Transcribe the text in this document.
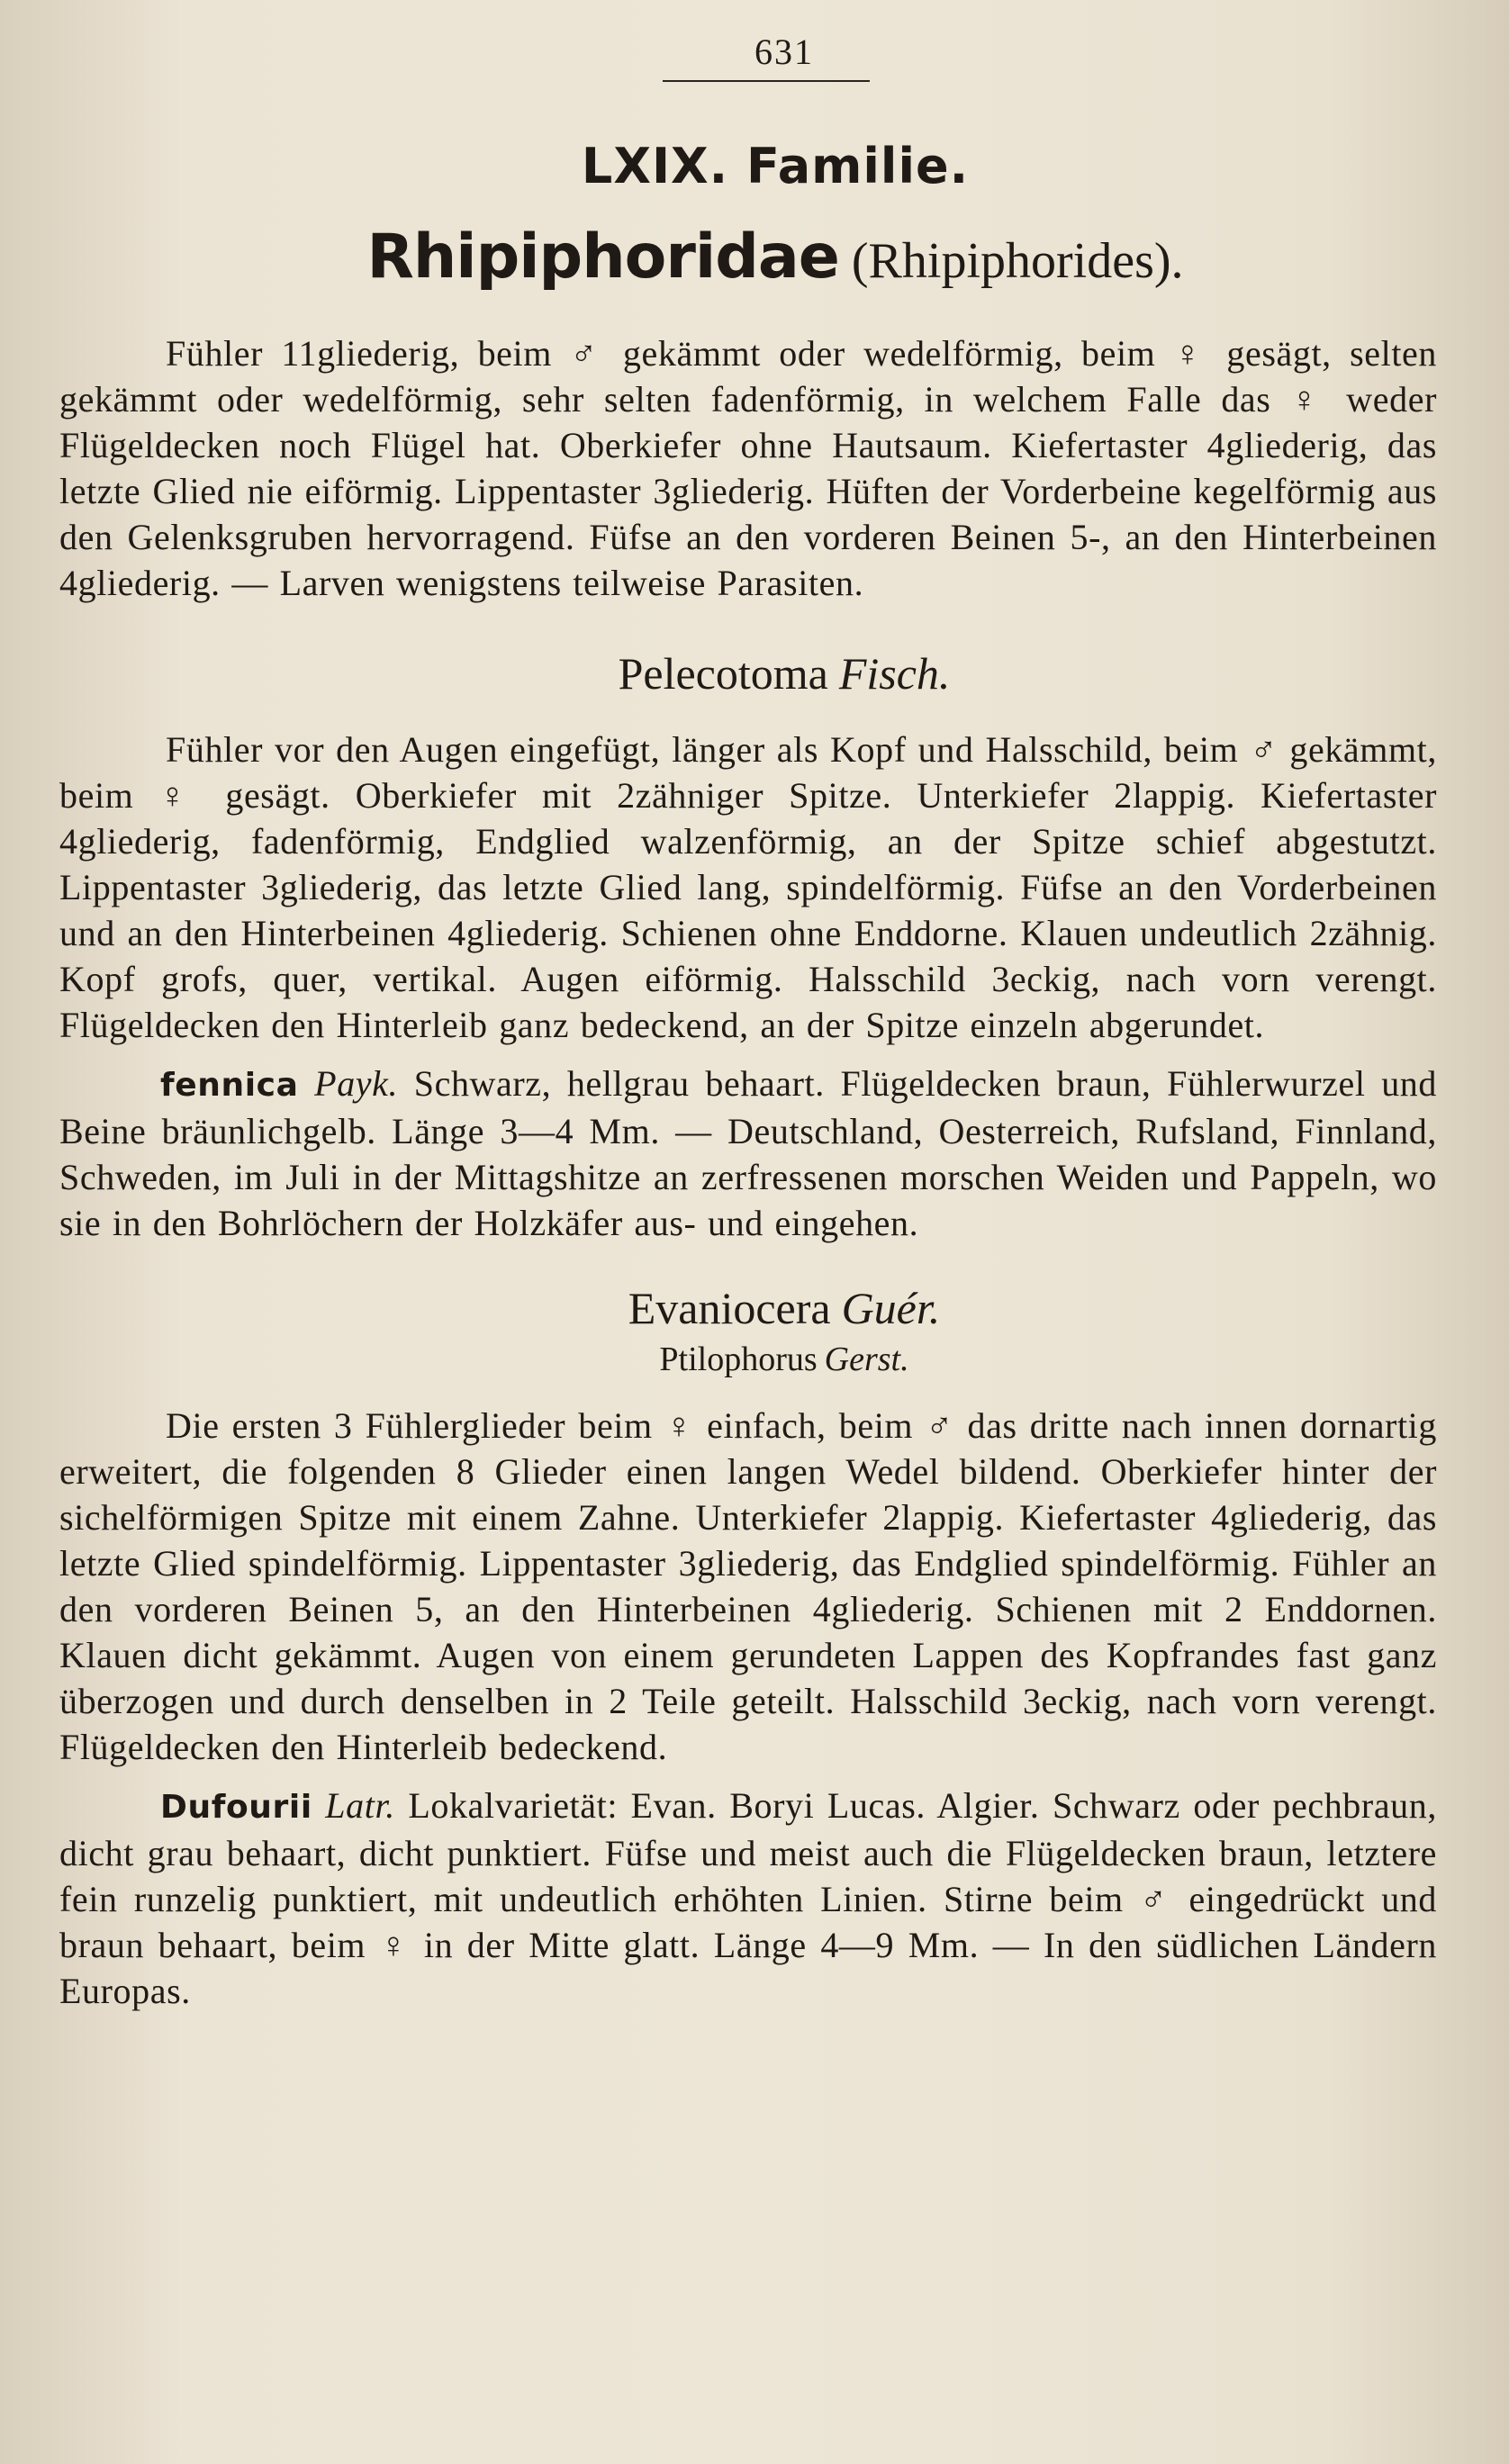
631
LXIX. Familie.
Rhipiphoridae (Rhipiphorides).

Fühler 11gliederig, beim ♂ gekämmt oder wedelförmig, beim ♀ gesägt, selten gekämmt oder wedelförmig, sehr selten fadenförmig, in welchem Falle das ♀ weder Flügeldecken noch Flügel hat. Oberkiefer ohne Hautsaum. Kiefertaster 4gliederig, das letzte Glied nie eiförmig. Lippentaster 3gliederig. Hüften der Vorderbeine kegelförmig aus den Gelenksgruben hervorragend. Füfse an den vorderen Beinen 5-, an den Hinterbeinen 4gliederig. — Larven wenigstens teilweise Parasiten.

Pelecotoma Fisch.

Fühler vor den Augen eingefügt, länger als Kopf und Halsschild, beim ♂ gekämmt, beim ♀ gesägt. Oberkiefer mit 2zähniger Spitze. Unterkiefer 2lappig. Kiefertaster 4gliederig, fadenförmig, Endglied walzenförmig, an der Spitze schief abgestutzt. Lippentaster 3gliederig, das letzte Glied lang, spindelförmig. Füfse an den Vorderbeinen und an den Hinterbeinen 4gliederig. Schienen ohne Enddorne. Klauen undeutlich 2zähnig. Kopf grofs, quer, vertikal. Augen eiförmig. Halsschild 3eckig, nach vorn verengt. Flügeldecken den Hinterleib ganz bedeckend, an der Spitze einzeln abgerundet.

fennica Payk. Schwarz, hellgrau behaart. Flügeldecken braun, Fühlerwurzel und Beine bräunlichgelb. Länge 3—4 Mm. — Deutschland, Oesterreich, Rufsland, Finnland, Schweden, im Juli in der Mittagshitze an zerfressenen morschen Weiden und Pappeln, wo sie in den Bohrlöchern der Holzkäfer aus- und eingehen.

Evaniocera Guér.
Ptilophorus Gerst.

Die ersten 3 Fühlerglieder beim ♀ einfach, beim ♂ das dritte nach innen dornartig erweitert, die folgenden 8 Glieder einen langen Wedel bildend. Oberkiefer hinter der sichelförmigen Spitze mit einem Zahne. Unterkiefer 2lappig. Kiefertaster 4gliederig, das letzte Glied spindelförmig. Lippentaster 3gliederig, das Endglied spindelförmig. Fühler an den vorderen Beinen 5, an den Hinterbeinen 4gliederig. Schienen mit 2 Enddornen. Klauen dicht gekämmt. Augen von einem gerundeten Lappen des Kopfrandes fast ganz überzogen und durch denselben in 2 Teile geteilt. Halsschild 3eckig, nach vorn verengt. Flügeldecken den Hinterleib bedeckend.

Dufourii Latr. Lokalvarietät: Evan. Boryi Lucas. Algier. Schwarz oder pechbraun, dicht grau behaart, dicht punktiert. Füfse und meist auch die Flügeldecken braun, letztere fein runzelig punktiert, mit undeutlich erhöhten Linien. Stirne beim ♂ eingedrückt und braun behaart, beim ♀ in der Mitte glatt. Länge 4—9 Mm. — In den südlichen Ländern Europas.
